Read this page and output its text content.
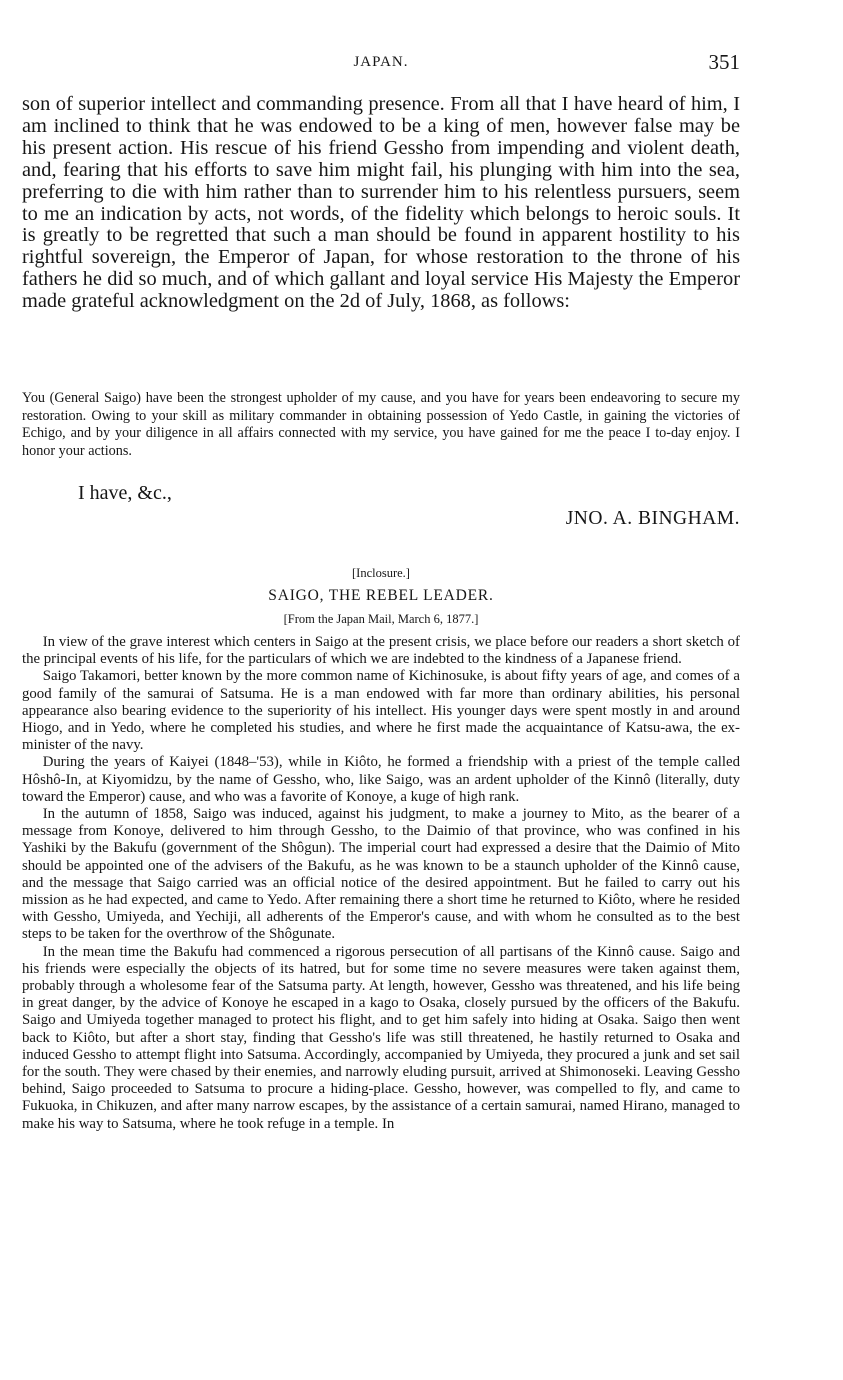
JAPAN.	351

son of superior intellect and commanding presence. From all that I have heard of him, I am inclined to think that he was endowed to be a king of men, however false may be his present action. His rescue of his friend Gessho from impending and violent death, and, fearing that his efforts to save him might fail, his plunging with him into the sea, preferring to die with him rather than to surrender him to his relentless pursuers, seem to me an indication by acts, not words, of the fidelity which belongs to heroic souls. It is greatly to be regretted that such a man should be found in apparent hostility to his rightful sovereign, the Emperor of Japan, for whose restoration to the throne of his fathers he did so much, and of which gallant and loyal service His Majesty the Emperor made grateful acknowledgment on the 2d of July, 1868, as follows:

You (General Saigo) have been the strongest upholder of my cause, and you have for years been endeavoring to secure my restoration. Owing to your skill as military commander in obtaining possession of Yedo Castle, in gaining the victories of Echigo, and by your diligence in all affairs connected with my service, you have gained for me the peace I to-day enjoy. I honor your actions.

I have, &c.,
JNO. A. BINGHAM.
[Inclosure.]
SAIGO, THE REBEL LEADER.
[From the Japan Mail, March 6, 1877.]

In view of the grave interest which centers in Saigo at the present crisis, we place before our readers a short sketch of the principal events of his life, for the particulars of which we are indebted to the kindness of a Japanese friend.

Saigo Takamori, better known by the more common name of Kichinosuke, is about fifty years of age, and comes of a good family of the samurai of Satsuma. He is a man endowed with far more than ordinary abilities, his personal appearance also bearing evidence to the superiority of his intellect. His younger days were spent mostly in and around Hiogo, and in Yedo, where he completed his studies, and where he first made the acquaintance of Katsu-awa, the ex-minister of the navy.

During the years of Kaiyei (1848–'53), while in Kiôto, he formed a friendship with a priest of the temple called Hôshô-In, at Kiyomidzu, by the name of Gessho, who, like Saigo, was an ardent upholder of the Kinnô (literally, duty toward the Emperor) cause, and who was a favorite of Konoye, a kuge of high rank.

In the autumn of 1858, Saigo was induced, against his judgment, to make a journey to Mito, as the bearer of a message from Konoye, delivered to him through Gessho, to the Daimio of that province, who was confined in his Yashiki by the Bakufu (government of the Shôgun). The imperial court had expressed a desire that the Daimio of Mito should be appointed one of the advisers of the Bakufu, as he was known to be a staunch upholder of the Kinnô cause, and the message that Saigo carried was an official notice of the desired appointment. But he failed to carry out his mission as he had expected, and came to Yedo. After remaining there a short time he returned to Kiôto, where he resided with Gessho, Umiyeda, and Yechiji, all adherents of the Emperor's cause, and with whom he consulted as to the best steps to be taken for the overthrow of the Shôgunate.

In the mean time the Bakufu had commenced a rigorous persecution of all partisans of the Kinnô cause. Saigo and his friends were especially the objects of its hatred, but for some time no severe measures were taken against them, probably through a wholesome fear of the Satsuma party. At length, however, Gessho was threatened, and his life being in great danger, by the advice of Konoye he escaped in a kago to Osaka, closely pursued by the officers of the Bakufu. Saigo and Umiyeda together managed to protect his flight, and to get him safely into hiding at Osaka. Saigo then went back to Kiôto, but after a short stay, finding that Gessho's life was still threatened, he hastily returned to Osaka and induced Gessho to attempt flight into Satsuma. Accordingly, accompanied by Umiyeda, they procured a junk and set sail for the south. They were chased by their enemies, and narrowly eluding pursuit, arrived at Shimonoseki. Leaving Gessho behind, Saigo proceeded to Satsuma to procure a hiding-place. Gessho, however, was compelled to fly, and came to Fukuoka, in Chikuzen, and after many narrow escapes, by the assistance of a certain samurai, named Hirano, managed to make his way to Satsuma, where he took refuge in a temple. In
